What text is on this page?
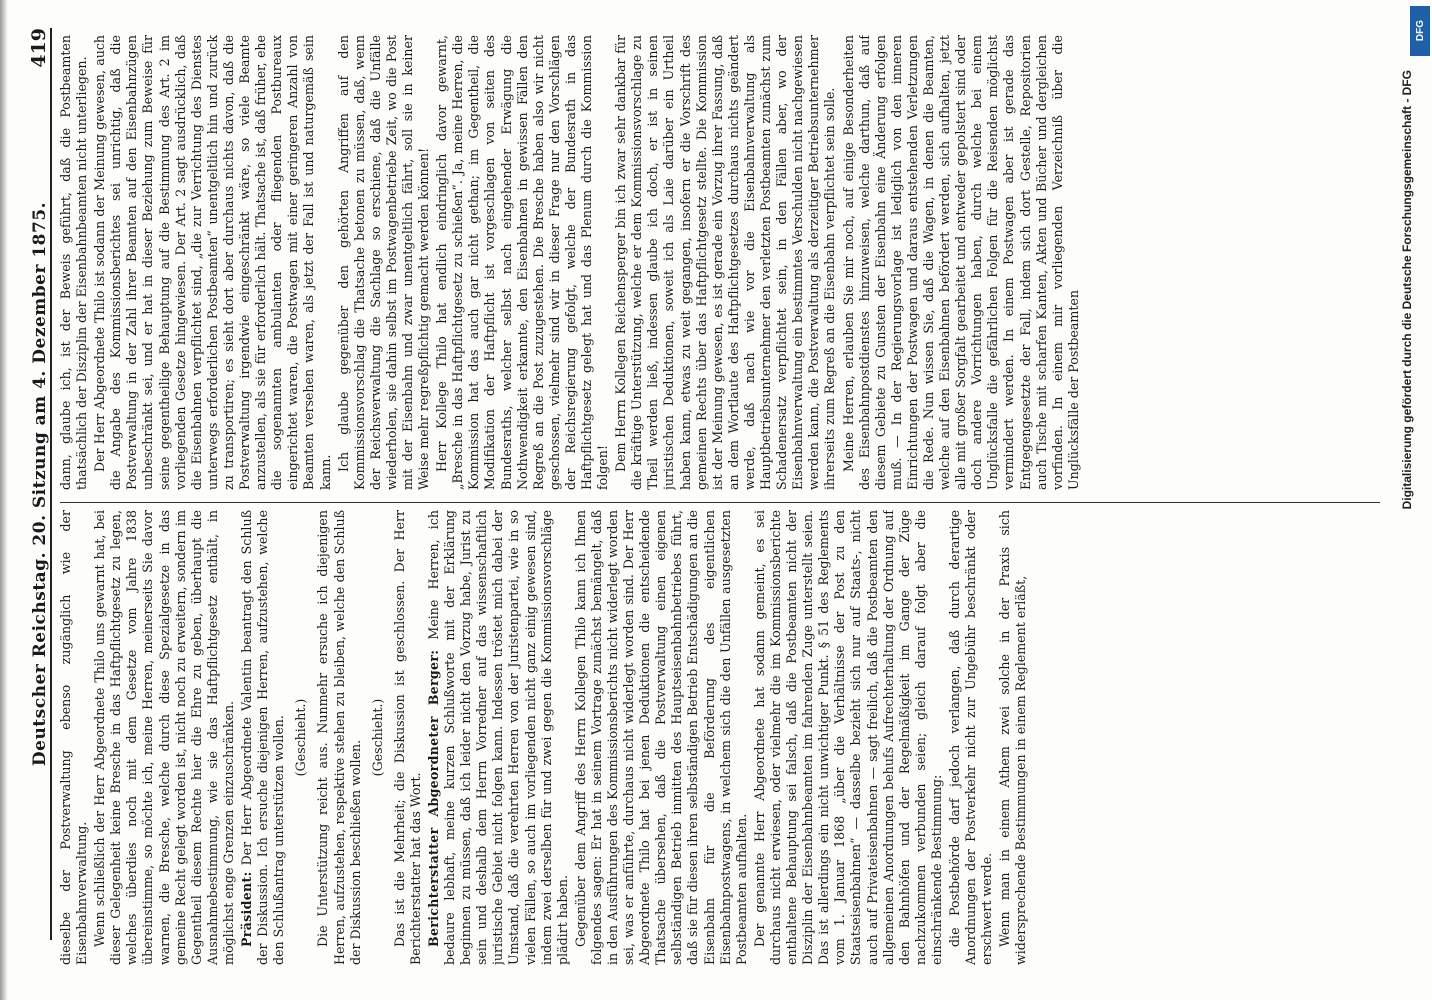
Deutscher Reichstag. 20. Sitzung am 4. Dezember 1875.
419

dieselbe der Postverwaltung ebenso zugänglich wie der Eisenbahnverwaltung. Wenn schließlich der Herr Abgeordnete Thilo uns gewarnt hat, bei dieser Gelegenheit keine Bresche in das Haftpflichtgesetz zu legen, welches überdies noch mit dem Gesetze vom Jahre 1838 übereinstimme, so möchte ich, meine Herren, meinerseits Sie davor warnen, die Bresche, welche durch diese Spezialgesetze in das gemeine Recht gelegt worden ist, nicht noch zu erweitern, sondern im Gegentheil diesem Rechte hier die Ehre zu geben, überhaupt die Ausnahmebestimmung, wie sie das Haftpflichtgesetz enthält, in möglichst enge Grenzen einzuschränken. Präsident: Der Herr Abgeordnete Valentin beantragt den Schluß der Diskussion. Ich ersuche diejenigen Herren, aufzustehen, welche den Schlußantrag unterstützen wollen. (Geschieht.) Die Unterstützung reicht aus. Nunmehr ersuche ich diejenigen Herren, aufzustehen, respektive stehen zu bleiben, welche den Schluß der Diskussion beschließen wollen.

(Geschieht.) Das ist die Mehrheit; die Diskussion ist geschlossen. Der Herr Berichterstatter hat das Wort. Berichterstatter Abgeordneter Berger: Meine Herren, ich bedaure lebhaft, meine kurzen Schlußworte mit der Erklärung beginnen zu müssen, daß ich leider nicht den Vorzug habe, Jurist zu sein und deshalb dem Herrn Vorredner auf das wissenschaftlich juristische Gebiet nicht folgen kann. Indessen tröstet mich dabei der Umstand, daß die verehrten Herren von der Juristenpartei, wie in so vielen Fällen, so auch im vorliegenden nicht ganz einig gewesen sind, indem zwei derselben für und zwei gegen die Kommissionsvorschläge plädirt haben. Gegenüber dem Angriff des Herrn Kollegen Thilo kann ich Ihnen folgendes sagen: Er hat in seinem Vortrage zunächst bemängelt, daß in den Ausführungen des Kommissionsberichts nicht widerlegt worden sei, was er anführte, durchaus nicht widerlegt worden sind. Der Herr Abgeordnete Thilo hat bei jenen Deduktionen die entscheidende Thatsache übersehen, daß die Postverwaltung einen eigenen selbständigen Betrieb inmitten des Hauptseisenbahnbetriebes führt, daß sie für diesen ihren selbständigen Betrieb Entschädigungen an die Eisenbahn für die Beförderung des eigentlichen Eisenbahnpostwagens, in welchem sich die den Unfällen ausgesetzten Postbeamten aufhalten. Der genannte Herr Abgeordnete hat sodann gemeint, es sei durchaus nicht erwiesen, oder vielmehr die im Kommissionsberichte enthaltene Behauptung sei falsch, daß die Postbeamten nicht der Disziplin der Eisenbahnbeamten im fahrenden Zuge unterstellt seien. Das ist allerdings ein nicht unwichtiger Punkt. § 51 des Reglements vom 1. Januar 1868 „über die Verhältnisse der Post zu den Staatseisenbahnen“ — dasselbe bezieht sich nur auf Staats-, nicht auch auf Privateisenbahnen — sagt freilich, daß die Postbeamten den allgemeinen Anordnungen behufs Aufrechterhaltung der Ordnung auf den Bahnhöfen und der Regelmäßigkeit im Gange der Züge nachzukommen verbunden seien; gleich darauf folgt aber die einschränkende Bestimmung: die Postbehörde darf jedoch verlangen, daß durch derartige Anordnungen der Postverkehr nicht zur Ungebühr beschränkt oder erschwert werde. Wenn man in einem Athem zwei solche in der Praxis sich widersprechende Bestimmungen in einem Reglement erläßt,

dann, glaube ich, ist der Beweis geführt, daß die Postbeamten thatsächlich der Disziplin der Eisenbahnbeamten nicht unterliegen. Der Herr Abgeordnete Thilo ist sodann der Meinung gewesen, auch die Angabe des Kommissionsberichtes sei unrichtig, daß die Postverwaltung in der Zahl ihrer Beamten auf den Eisenbahnzügen unbeschränkt sei, und er hat in dieser Beziehung zum Beweise für seine gegentheilige Behauptung auf die Bestimmung des Art. 2 im vorliegenden Gesetze hingewiesen. Der Art. 2 sagt ausdrücklich, daß die Eisenbahnen verpflichtet sind, „die zur Verrichtung des Dienstes unterwegs erforderlichen Postbeamten“ unentgeltlich hin und zurück zu transportiren; es sieht dort aber durchaus nichts davon, daß die Postverwaltung irgendwie eingeschränkt wäre, so viele Beamte anzustellen, als sie für erforderlich hält. Thatsache ist, daß früher, ehe die sogenannten ambulanten oder fliegenden Postbureaux eingerichtet waren, die Postwagen mit einer geringeren Anzahl von Beamten versehen waren, als jetzt der Fall ist und naturgemäß sein kann.

Ich glaube gegenüber den gehörten Angriffen auf den Kommissionsvorschlag die Thatsache betonen zu müssen, daß, wenn der Reichsverwaltung die Sachlage so erschiene, daß die Unfälle wiederholen, sie dahin selbst im Postwagenbetriebe Zeit, wo die Post mit der Eisenbahn und zwar unentgeltlich fährt, soll sie in keiner Weise mehr regreßpflichtig gemacht werden können! Herr Kollege Thilo hat endlich eindringlich davor gewarnt, „Bresche in das Haftpflichtgesetz zu schießen“. Ja, meine Herren, die Kommission hat das auch gar nicht gethan; im Gegentheil, die Modifikation der Haftpflicht ist vorgeschlagen von seiten des Bundesraths, welcher selbst nach eingehender Erwägung die Nothwendigkeit erkannte, den Eisenbahnen in gewissen Fällen den Regreß an die Post zuzugestehen. Die Bresche haben also wir nicht geschossen, vielmehr sind wir in dieser Frage nur den Vorschlägen der Reichsregierung gefolgt, welche der Bundesrath in das Haftpflichtgesetz gelegt hat und das Plenum durch die Kommission folgen! Dem Herrn Kollegen Reichensperger bin ich zwar sehr dankbar für die kräftige Unterstützung, welche er dem Kommissionsvorschlage zu Theil werden ließ, indessen glaube ich doch, er ist in seinen juristischen Deduktionen, soweit ich als Laie darüber ein Urtheil haben kann, etwas zu weit gegangen, insofern er die Vorschrift des gemeinen Rechts über das Haftpflichtgesetz stellte. Die Kommission ist der Meinung gewesen, es ist gerade ein Vorzug ihrer Fassung, daß an dem Wortlaute des Haftpflichtgesetzes durchaus nichts geändert werde, daß nach wie vor die Eisenbahnverwaltung als Hauptbetriebsunternehmer den verletzten Postbeamten zunächst zum Schadenersatz verpflichtet sein, in den Fällen aber, wo der Eisenbahnverwaltung ein bestimmtes Verschulden nicht nachgewiesen werden kann, die Postverwaltung als derzeitiger Betriebsunternehmer ihrerseits zum Regreß an die Eisenbahn verpflichtet sein solle. Meine Herren, erlauben Sie mir noch, auf einige Besonderheiten des Eisenbahnpostdienstes hinzuweisen, welche darthun, daß auf diesem Gebiete zu Gunsten der Eisenbahn eine Änderung erfolgen muß. — In der Regierungsvorlage ist lediglich von den inneren Einrichtungen der Postwagen und daraus entstehenden Verletzungen die Rede. Nun wissen Sie, daß die Wagen, in denen die Beamten, welche auf den Eisenbahnen befördert werden, sich aufhalten, jetzt alle mit großer Sorgfalt gearbeitet und entweder gepolstert sind oder doch andere Vorrichtungen haben, durch welche bei einem Unglücksfalle die gefährlichen Folgen für die Reisenden möglichst vermindert werden. In einem Postwagen aber ist gerade das Entgegengesetzte der Fall, indem sich dort Gestelle, Repositorien auch Tische mit scharfen Kanten, Akten und Bücher und dergleichen vorfinden. In einem mir vorliegenden Verzeichniß über die Unglücksfälle der Postbeamten	Digitalisierung gefördert durch die Deutsche Forschungsgemeinschaft - DFG
DFG
